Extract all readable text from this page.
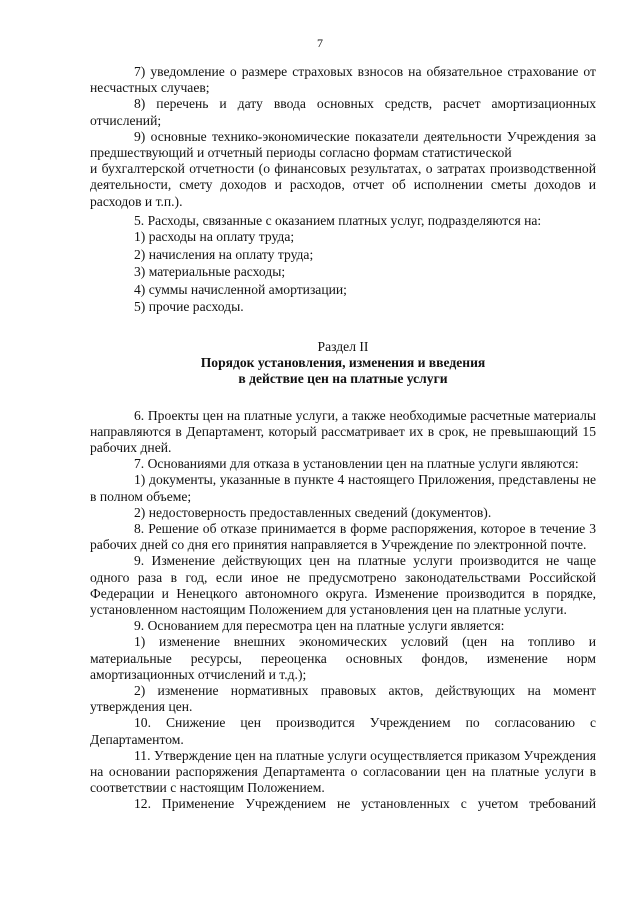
7

7) уведомление о размере страховых взносов на обязательное страхование от несчастных случаев;

8) перечень и дату ввода основных средств, расчет амортизационных отчислений;

9) основные технико-экономические показатели деятельности Учреждения за предшествующий и отчетный периоды согласно формам статистической

и бухгалтерской отчетности (о финансовых результатах, о затратах производственной деятельности, смету доходов и расходов, отчет об исполнении сметы доходов и расходов и т.п.).

5. Расходы, связанные с оказанием платных услуг, подразделяются на:

1) расходы на оплату труда;

2) начисления на оплату труда;

3) материальные расходы;

4) суммы начисленной амортизации;

5) прочие расходы.

Раздел II

Порядок установления, изменения и введения

в действие цен на платные услуги

6. Проекты цен на платные услуги, а также необходимые расчетные материалы направляются в Департамент, который рассматривает их в срок, не превышающий 15 рабочих дней.

7. Основаниями для отказа в установлении цен на платные услуги являются:

1) документы, указанные в пункте 4 настоящего Приложения, представлены не в полном объеме;

2) недостоверность предоставленных сведений (документов).

8. Решение об отказе принимается в форме распоряжения, которое в течение 3 рабочих дней со дня его принятия направляется в Учреждение по электронной почте.

9. Изменение действующих цен на платные услуги производится не чаще одного раза в год, если иное не предусмотрено законодательствами Российской Федерации и Ненецкого автономного округа. Изменение производится в порядке, установленном настоящим Положением для установления цен на платные услуги.

9. Основанием для пересмотра цен на платные услуги является:

1) изменение внешних экономических условий (цен на топливо и материальные ресурсы, переоценка основных фондов, изменение норм амортизационных отчислений и т.д.);

2) изменение нормативных правовых актов, действующих на момент утверждения цен.

10. Снижение цен производится Учреждением по согласованию с Департаментом.

11. Утверждение цен на платные услуги осуществляется приказом Учреждения на основании распоряжения Департамента о согласовании цен на платные услуги в соответствии с настоящим Положением.

12. Применение Учреждением не установленных с учетом требований
